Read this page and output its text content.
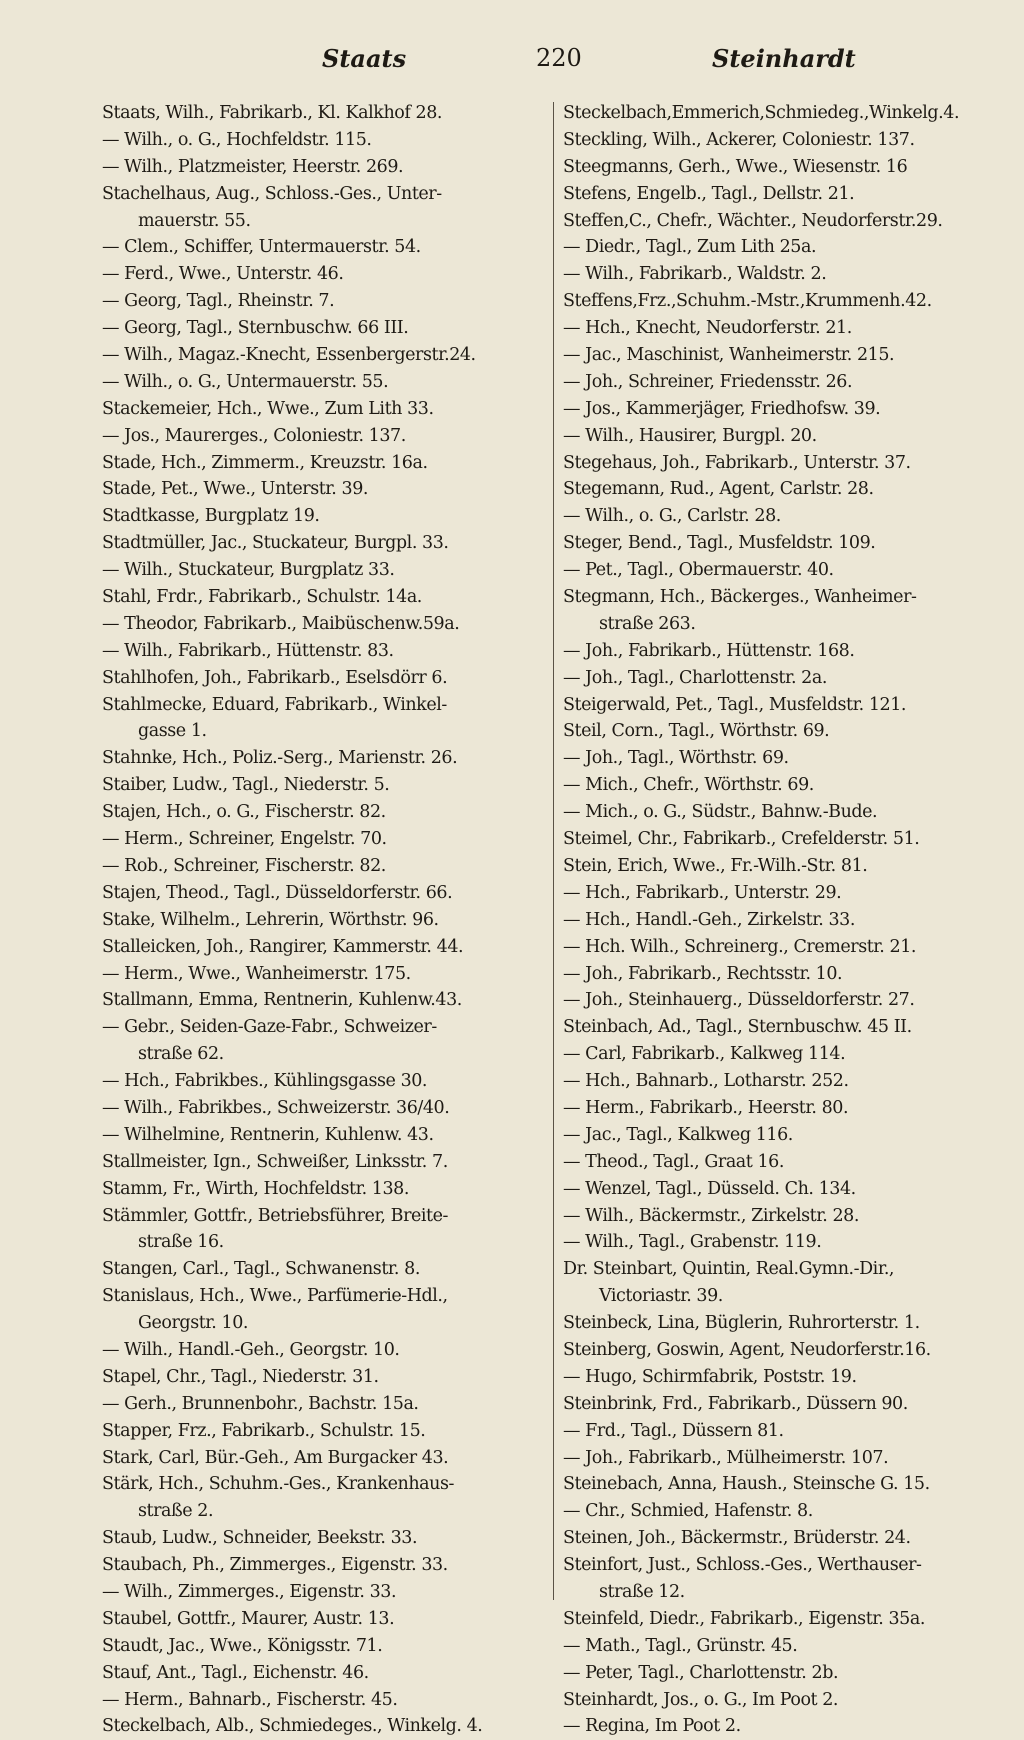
Staats	220	Steinhardt
Staats, Wilh., Fabrikarb., Kl. Kalkhof 28.
— Wilh., o. G., Hochfeldstr. 115.
— Wilh., Platzmeister, Heerstr. 269.
Stachelhaus, Aug., Schloss.-Ges., Unter-
mauerstr. 55.
— Clem., Schiffer, Untermauerstr. 54.
— Ferd., Wwe., Unterstr. 46.
— Georg, Tagl., Rheinstr. 7.
— Georg, Tagl., Sternbuschw. 66 III.
— Wilh., Magaz.-Knecht, Essenbergerstr.24.
— Wilh., o. G., Untermauerstr. 55.
Stackemeier, Hch., Wwe., Zum Lith 33.
— Jos., Maurerges., Coloniestr. 137.
Stade, Hch., Zimmerm., Kreuzstr. 16a.
Stade, Pet., Wwe., Unterstr. 39.
Stadtkasse, Burgplatz 19.
Stadtmüller, Jac., Stuckateur, Burgpl. 33.
— Wilh., Stuckateur, Burgplatz 33.
Stahl, Frdr., Fabrikarb., Schulstr. 14a.
— Theodor, Fabrikarb., Maibüschenw.59a.
— Wilh., Fabrikarb., Hüttenstr. 83.
Stahlhofen, Joh., Fabrikarb., Eselsdörr 6.
Stahlmecke, Eduard, Fabrikarb., Winkel-
gasse 1.
Stahnke, Hch., Poliz.-Serg., Marienstr. 26.
Staiber, Ludw., Tagl., Niederstr. 5.
Stajen, Hch., o. G., Fischerstr. 82.
— Herm., Schreiner, Engelstr. 70.
— Rob., Schreiner, Fischerstr. 82.
Stajen, Theod., Tagl., Düsseldorferstr. 66.
Stake, Wilhelm., Lehrerin, Wörthstr. 96.
Stalleicken, Joh., Rangirer, Kammerstr. 44.
— Herm., Wwe., Wanheimerstr. 175.
Stallmann, Emma, Rentnerin, Kuhlenw.43.
— Gebr., Seiden-Gaze-Fabr., Schweizer-
straße 62.
— Hch., Fabrikbes., Kühlingsgasse 30.
— Wilh., Fabrikbes., Schweizerstr. 36/40.
— Wilhelmine, Rentnerin, Kuhlenw. 43.
Stallmeister, Ign., Schweißer, Linksstr. 7.
Stamm, Fr., Wirth, Hochfeldstr. 138.
Stämmler, Gottfr., Betriebsführer, Breite-
straße 16.
Stangen, Carl., Tagl., Schwanenstr. 8.
Stanislaus, Hch., Wwe., Parfümerie-Hdl.,
Georgstr. 10.
— Wilh., Handl.-Geh., Georgstr. 10.
Stapel, Chr., Tagl., Niederstr. 31.
— Gerh., Brunnenbohr., Bachstr. 15a.
Stapper, Frz., Fabrikarb., Schulstr. 15.
Stark, Carl, Bür.-Geh., Am Burgacker 43.
Stärk, Hch., Schuhm.-Ges., Krankenhaus-
straße 2.
Staub, Ludw., Schneider, Beekstr. 33.
Staubach, Ph., Zimmerges., Eigenstr. 33.
— Wilh., Zimmerges., Eigenstr. 33.
Staubel, Gottfr., Maurer, Austr. 13.
Staudt, Jac., Wwe., Königsstr. 71.
Stauf, Ant., Tagl., Eichenstr. 46.
— Herm., Bahnarb., Fischerstr. 45.
Steckelbach, Alb., Schmiedeges., Winkelg. 4.
Steckelbach,Emmerich,Schmiedeg.,Winkelg.4.
Steckling, Wilh., Ackerer, Coloniestr. 137.
Steegmanns, Gerh., Wwe., Wiesenstr. 16
Stefens, Engelb., Tagl., Dellstr. 21.
Steffen,C., Chefr., Wächter., Neudorferstr.29.
— Diedr., Tagl., Zum Lith 25a.
— Wilh., Fabrikarb., Waldstr. 2.
Steffens,Frz.,Schuhm.-Mstr.,Krummenh.42.
— Hch., Knecht, Neudorferstr. 21.
— Jac., Maschinist, Wanheimerstr. 215.
— Joh., Schreiner, Friedensstr. 26.
— Jos., Kammerjäger, Friedhofsw. 39.
— Wilh., Hausirer, Burgpl. 20.
Stegehaus, Joh., Fabrikarb., Unterstr. 37.
Stegemann, Rud., Agent, Carlstr. 28.
— Wilh., o. G., Carlstr. 28.
Steger, Bend., Tagl., Musfeldstr. 109.
— Pet., Tagl., Obermauerstr. 40.
Stegmann, Hch., Bäckerges., Wanheimer-
straße 263.
— Joh., Fabrikarb., Hüttenstr. 168.
— Joh., Tagl., Charlottenstr. 2a.
Steigerwald, Pet., Tagl., Musfeldstr. 121.
Steil, Corn., Tagl., Wörthstr. 69.
— Joh., Tagl., Wörthstr. 69.
— Mich., Chefr., Wörthstr. 69.
— Mich., o. G., Südstr., Bahnw.-Bude.
Steimel, Chr., Fabrikarb., Crefelderstr. 51.
Stein, Erich, Wwe., Fr.-Wilh.-Str. 81.
— Hch., Fabrikarb., Unterstr. 29.
— Hch., Handl.-Geh., Zirkelstr. 33.
— Hch. Wilh., Schreinerg., Cremerstr. 21.
— Joh., Fabrikarb., Rechtsstr. 10.
— Joh., Steinhauerg., Düsseldorferstr. 27.
Steinbach, Ad., Tagl., Sternbuschw. 45 II.
— Carl, Fabrikarb., Kalkweg 114.
— Hch., Bahnarb., Lotharstr. 252.
— Herm., Fabrikarb., Heerstr. 80.
— Jac., Tagl., Kalkweg 116.
— Theod., Tagl., Graat 16.
— Wenzel, Tagl., Düsseld. Ch. 134.
— Wilh., Bäckermstr., Zirkelstr. 28.
— Wilh., Tagl., Grabenstr. 119.
Dr. Steinbart, Quintin, Real.Gymn.-Dir.,
Victoriastr. 39.
Steinbeck, Lina, Büglerin, Ruhrorterstr. 1.
Steinberg, Goswin, Agent, Neudorferstr.16.
— Hugo, Schirmfabrik, Poststr. 19.
Steinbrink, Frd., Fabrikarb., Düssern 90.
— Frd., Tagl., Düssern 81.
— Joh., Fabrikarb., Mülheimerstr. 107.
Steinebach, Anna, Haush., Steinsche G. 15.
— Chr., Schmied, Hafenstr. 8.
Steinen, Joh., Bäckermstr., Brüderstr. 24.
Steinfort, Just., Schloss.-Ges., Werthauser-
straße 12.
Steinfeld, Diedr., Fabrikarb., Eigenstr. 35a.
— Math., Tagl., Grünstr. 45.
— Peter, Tagl., Charlottenstr. 2b.
Steinhardt, Jos., o. G., Im Poot 2.
— Regina, Im Poot 2.
